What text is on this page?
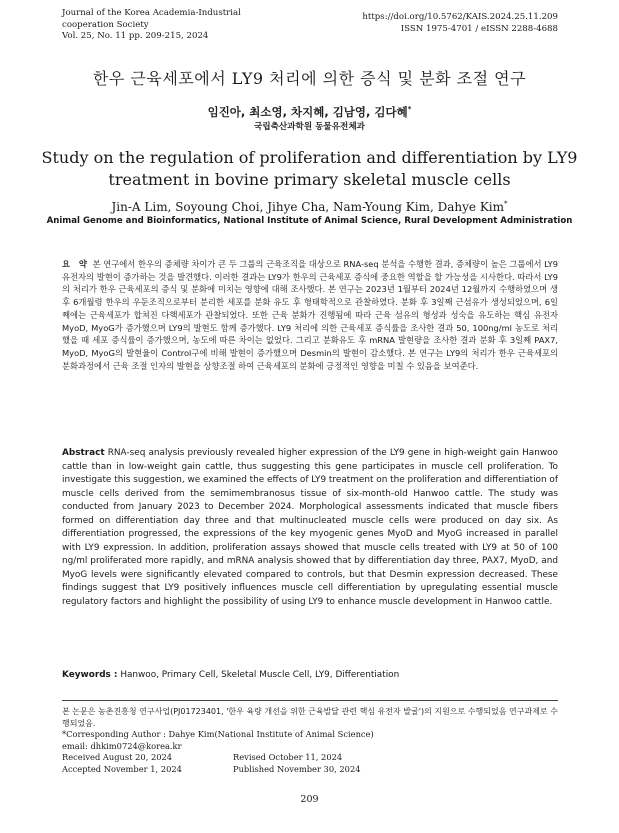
Journal of the Korea Academia-Industrial
cooperation Society
Vol. 25, No. 11 pp. 209-215, 2024
https://doi.org/10.5762/KAIS.2024.25.11.209
ISSN 1975-4701 / eISSN 2288-4688
한우 근육세포에서 LY9 처리에 의한 증식 및 분화 조절 연구
임진아, 최소영, 차지혜, 김남영, 김다혜*
국립축산과학원 동물유전체과
Study on the regulation of proliferation and differentiation by LY9
treatment in bovine primary skeletal muscle cells
Jin-A Lim, Soyoung Choi, Jihye Cha, Nam-Young Kim, Dahye Kim*
Animal Genome and Bioinformatics, National Institute of Animal Science, Rural Development Administration
요 약 본 연구에서 한우의 증체량 차이가 큰 두 그룹의 근육조직을 대상으로 RNA-seq 분석을 수행한 결과, 증체량이 높은 그룹에서 LY9 유전자의 발현이 증가하는 것을 발견했다. 이러한 결과는 LY9가 한우의 근육세포 증식에 중요한 역할을 할 가능성을 시사한다. 따라서 LY9의 처리가 한우 근육세포의 증식 및 분화에 미치는 영향에 대해 조사했다. 본 연구는 2023년 1월부터 2024년 12월까지 수행하였으며 생후 6개월령 한우의 우둔조직으로부터 분리한 세포를 분화 유도 후 형태학적으로 관찰하였다. 분화 후 3일째 근섬유가 생성되었으며, 6일째에는 근육세포가 합쳐진 다핵세포가 관찰되었다. 또한 근육 분화가 진행됨에 따라 근육 섬유의 형성과 성숙을 유도하는 핵심 유전자 MyoD, MyoG가 증가했으며 LY9의 발현도 함께 증가했다. LY9 처리에 의한 근육세포 증식률을 조사한 결과 50, 100ng/ml 농도로 처리했을 때 세포 증식률이 증가했으며, 농도에 따른 차이는 없었다. 그리고 분화유도 후 mRNA 발현량을 조사한 결과 분화 후 3일째 PAX7, MyoD, MyoG의 발현율이 Control구에 비해 발현이 증가했으며 Desmin의 발현이 감소했다. 본 연구는 LY9의 처리가 한우 근육세포의 분화과정에서 근육 조절 인자의 발현을 상향조절 하여 근육세포의 분화에 긍정적인 영향을 미칠 수 있음을 보여준다.
Abstract RNA-seq analysis previously revealed higher expression of the LY9 gene in high-weight gain Hanwoo cattle than in low-weight gain cattle, thus suggesting this gene participates in muscle cell proliferation. To investigate this suggestion, we examined the effects of LY9 treatment on the proliferation and differentiation of muscle cells derived from the semimembranosus tissue of six-month-old Hanwoo cattle. The study was conducted from January 2023 to December 2024. Morphological assessments indicated that muscle fibers formed on differentiation day three and that multinucleated muscle cells were produced on day six. As differentiation progressed, the expressions of the key myogenic genes MyoD and MyoG increased in parallel with LY9 expression. In addition, proliferation assays showed that muscle cells treated with LY9 at 50 of 100 ng/ml proliferated more rapidly, and mRNA analysis showed that by differentiation day three, PAX7, MyoD, and MyoG levels were significantly elevated compared to controls, but that Desmin expression decreased. These findings suggest that LY9 positively influences muscle cell differentiation by upregulating essential muscle regulatory factors and highlight the possibility of using LY9 to enhance muscle development in Hanwoo cattle.
Keywords : Hanwoo, Primary Cell, Skeletal Muscle Cell, LY9, Differentiation
본 논문은 농촌진흥청 연구사업(PJ01723401, '한우 육량 개선을 위한 근육발달 관련 핵심 유전자 발굴')의 지원으로 수행되었음 연구과제로 수행되었음.
*Corresponding Author : Dahye Kim(National Institute of Animal Science)
email: dhkim0724@korea.kr
Received August 20, 2024
Accepted November 1, 2024
Revised October 11, 2024
Published November 30, 2024
209
